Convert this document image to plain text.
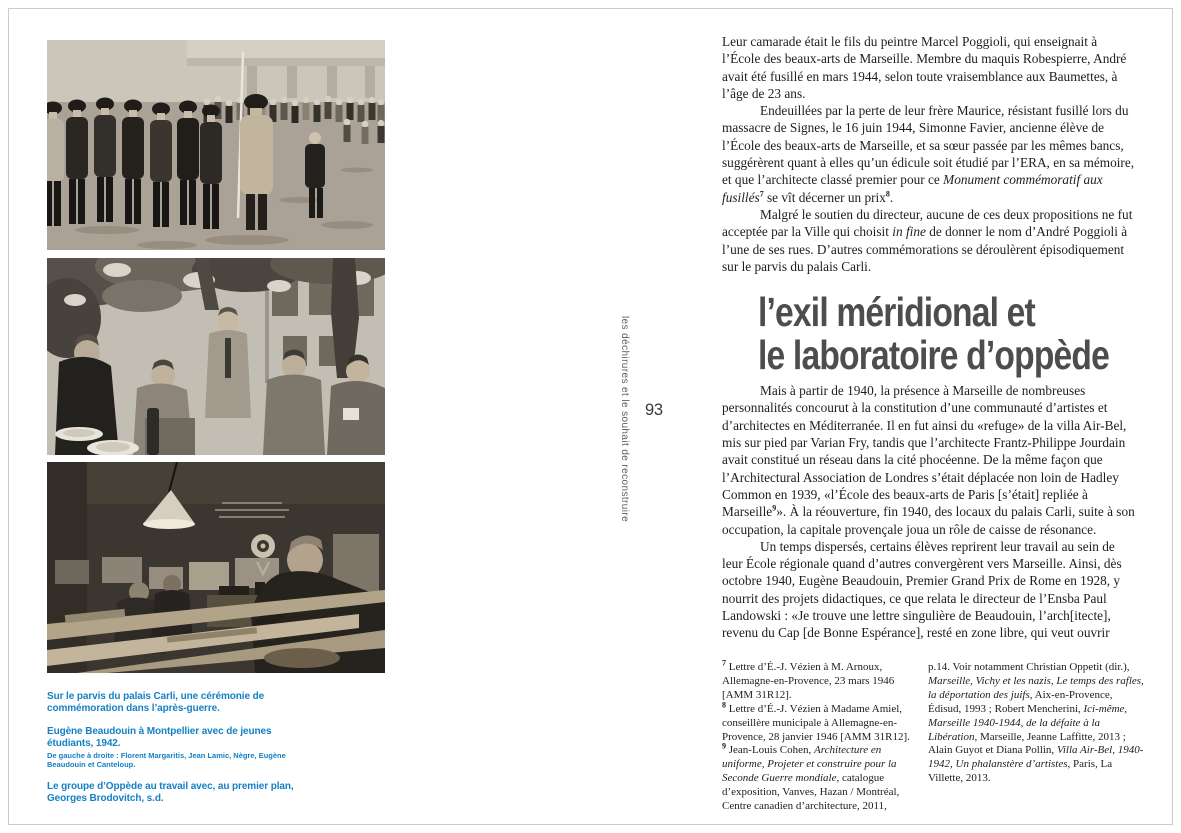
Sur le parvis du palais Carli, une cérémonie de commémoration dans l’après-guerre.

Eugène Beaudouin à Montpellier avec de jeunes étudiants, 1942.

De gauche à droite : Florent Margaritis, Jean Lamic, Nègre, Eugène Beaudouin et Canteloup.

Le groupe d’Oppède au travail avec, au premier plan, Georges Brodovitch, s.d.

les déchirures et le souhait de reconstruire 93

Leur camarade était le fils du peintre Marcel Poggioli, qui enseignait à l’École des beaux-arts de Marseille. Membre du maquis Robespierre, André avait été fusillé en mars 1944, selon toute vraisemblance aux Baumettes, à l’âge de 23 ans.

Endeuillées par la perte de leur frère Maurice, résistant fusillé lors du massacre de Signes, le 16 juin 1944, Simonne Favier, ancienne élève de l’École des beaux-arts de Marseille, et sa sœur passée par les mêmes bancs, suggérèrent quant à elles qu’un édicule soit étudié par l’ERA, en sa mémoire, et que l’architecte classé premier pour ce Monument commémoratif aux fusillés$^7$ se vît décerner un prix$^8$.

Malgré le soutien du directeur, aucune de ces deux propositions ne fut acceptée par la Ville qui choisit in fine de donner le nom d’André Poggioli à l’une de ses rues. D’autres commémorations se déroulèrent épisodiquement sur le parvis du palais Carli.

l’exil méridional et
le laboratoire d’oppède

Mais à partir de 1940, la présence à Marseille de nombreuses personnalités concourut à la constitution d’une communauté d’artistes et d’architectes en Méditerranée. Il en fut ainsi du «refuge» de la villa Air-Bel, mis sur pied par Varian Fry, tandis que l’architecte Frantz-Philippe Jourdain avait constitué un réseau dans la cité phocéenne. De la même façon que l’Architectural Association de Londres s’était déplacée non loin de Hadley Common en 1939, «l’École des beaux-arts de Paris [s’était] repliée à Marseille$^9$». À la réouverture, fin 1940, des locaux du palais Carli, suite à son occupation, la capitale provençale joua un rôle de caisse de résonance.

Un temps dispersés, certains élèves reprirent leur travail au sein de leur École régionale quand d’autres convergèrent vers Marseille. Ainsi, dès octobre 1940, Eugène Beaudouin, Premier Grand Prix de Rome en 1928, y nourrit des projets didactiques, ce que relata le directeur de l’Ensba Paul Landowski : «Je trouve une lettre singulière de Beaudouin, l’arch[itecte], revenu du Cap [de Bonne Espérance], resté en zone libre, qui veut ouvrir

$^7$ Lettre d’É.-J. Vézien à M. Arnoux, Allemagne-en-Provence, 23 mars 1946 [AMM 31R12].

$^8$ Lettre d’É.-J. Vézien à Madame Amiel, conseillère municipale à Allemagne-en-Provence, 28 janvier 1946 [AMM 31R12].

$^9$ Jean-Louis Cohen, Architecture en uniforme, Projeter et construire pour la Seconde Guerre mondiale, catalogue d’exposition, Vanves, Hazan / Montréal, Centre canadien d’architecture, 2011,

p.14. Voir notamment Christian Oppetit (dir.), Marseille, Vichy et les nazis, Le temps des rafles, la déportation des juifs, Aix-en-Provence, Édisud, 1993 ; Robert Mencherini, Ici-même, Marseille 1940-1944, de la défaite à la Libération, Marseille, Jeanne Laffitte, 2013 ; Alain Guyot et Diana Pollin, Villa Air-Bel, 1940-1942, Un phalanstère d’artistes, Paris, La Villette, 2013.
